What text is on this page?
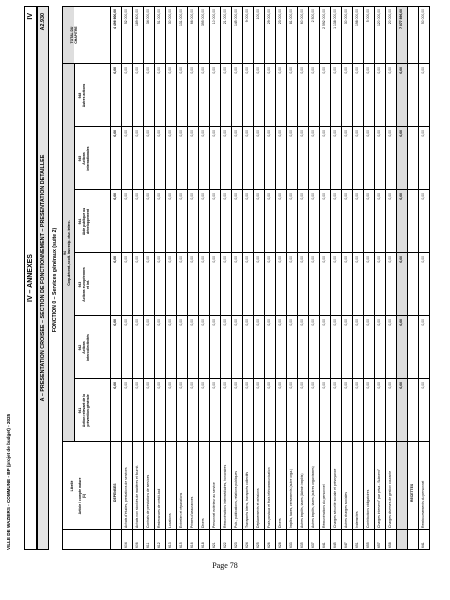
VILLE DE WAZIERS - COMMUNE - BP (projet de budget) - 2025
IV – ANNEXES
IV
A – PRESENTATION CROISEE – SECTION DE FONCTIONNEMENT – PRESENTATION DETAILLEE
A2.930
FONCTION 0 – Services généraux (suite 2)
Article / compte nature
(1)
Libellé
94
Corp.décent.,scolt. inv.recip. ctur. interc.
941
Action relevant de la
prévention générale
942
Actions
intercollectivités
943
Actions européennes
et int.
944
Aide publique au
développement
945
Actions
internationales
948
Autres actions
TOTAL DU
CHAPITRE
DEPENSES
0,00
0,00
0,00
0,00
0,00
0,00
4 496 600,00
604
Achats d'études, prestations de services
0,00
0,00
0,00
0,00
0,00
0,00
52 000,00
606
Achats non stockés de matières et fournit.
0,00
0,00
0,00
0,00
0,00
0,00
189 600,00
611
Contrats de prestations de services
0,00
0,00
0,00
0,00
0,00
0,00
34 000,00
612
Redevances de crédit-bail
0,00
0,00
0,00
0,00
0,00
0,00
51 000,00
613
Locations
0,00
0,00
0,00
0,00
0,00
0,00
30 000,00
615
Entretien et réparations
0,00
0,00
0,00
0,00
0,00
0,00
131 000,00
616
Primes d'assurances
0,00
0,00
0,00
0,00
0,00
0,00
66 000,00
618
Divers
0,00
0,00
0,00
0,00
0,00
0,00
395 000,00
621
Personnel extérieur au service
0,00
0,00
0,00
0,00
0,00
0,00
10 000,00
622
Rémunérations intermédiaires, honoraires
0,00
0,00
0,00
0,00
0,00
0,00
21 000,00
623
Pub., publications, relations publiques
0,00
0,00
0,00
0,00
0,00
0,00
145 000,00
624
Transports biens, transports collectifs
0,00
0,00
0,00
0,00
0,00
0,00
9 000,00
625
Déplacements et missions
0,00
0,00
0,00
0,00
0,00
0,00
100,00
626
Frais postaux et frais télécommunication
0,00
0,00
0,00
0,00
0,00
0,00
29 000,00
628
Divers
0,00
0,00
0,00
0,00
0,00
0,00
23 000,00
633
Impôts, taxes, versements (autre orga.)
0,00
0,00
0,00
0,00
0,00
0,00
81 000,00
635
Autres impôts, taxes (Admin impôts)
0,00
0,00
0,00
0,00
0,00
0,00
60 000,00
637
Autres impôts, taxes (autres organismes)
0,00
0,00
0,00
0,00
0,00
0,00
2 500,00
641
Rémunérations du personnel
0,00
0,00
0,00
0,00
0,00
0,00
2 592 000,00
645
Charges sécurité sociale et prévoyance
0,00
0,00
0,00
0,00
0,00
0,00
1 138 000,00
647
Autres charges sociales
0,00
0,00
0,00
0,00
0,00
0,00
30 000,00
651
Indemnités
0,00
0,00
0,00
0,00
0,00
0,00
198 000,00
655
Contributions obligatoires
0,00
0,00
0,00
0,00
0,00
0,00
5 000,00
657
Charges intervent° par priva - Subvent°
0,00
0,00
0,00
0,00
0,00
0,00
120 000,00
658
Charges diverses de gestion courante
0,00
0,00
0,00
0,00
0,00
0,00
20 000,00
0,00
0,00
0,00
0,00
0,00
0,00
7 077 896,00
RECETTES
641
Remboursements du personnel
0,00
0,00
0,00
0,00
0,00
0,00
50 000,00
Page 78
